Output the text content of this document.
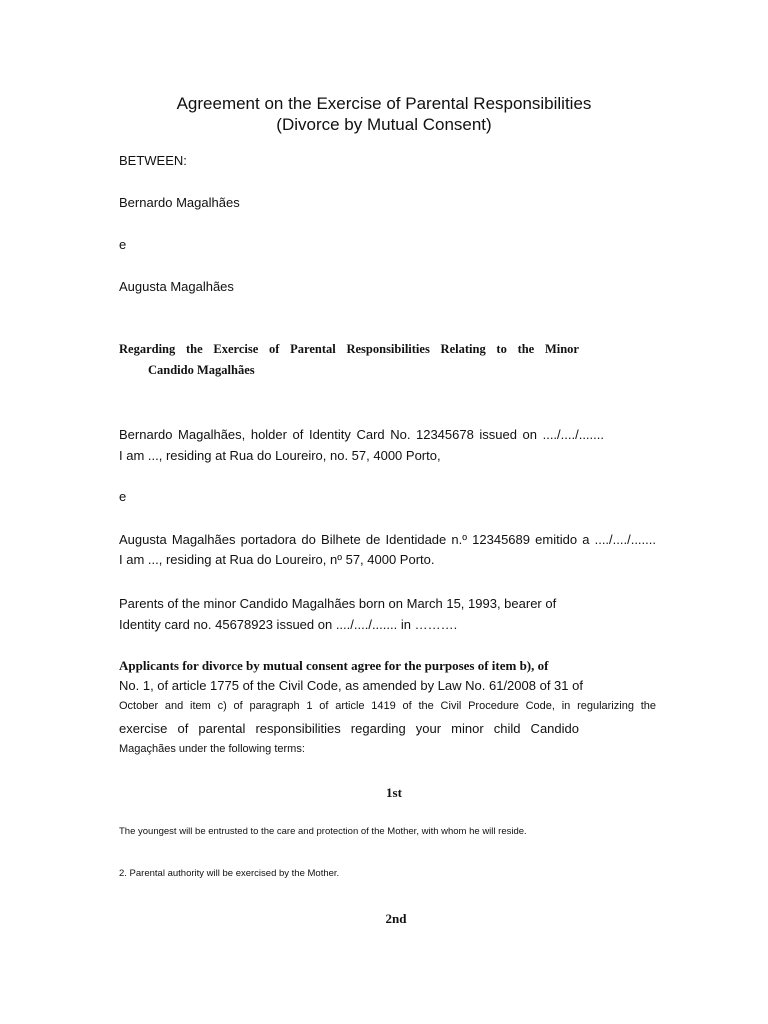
Agreement on the Exercise of Parental Responsibilities
(Divorce by Mutual Consent)
BETWEEN:
Bernardo Magalhães
e
Augusta Magalhães
Regarding the Exercise of Parental Responsibilities Relating to the Minor
Candido Magalhães
Bernardo Magalhães, holder of Identity Card No. 12345678 issued on ..../..../.......
I am ..., residing at Rua do Loureiro, no. 57, 4000 Porto,
e
Augusta Magalhães portadora do Bilhete de Identidade n.º 12345689 emitido a ..../..../.......
I am ..., residing at Rua do Loureiro, nº 57, 4000 Porto.
Parents of the minor Candido Magalhães born on March 15, 1993, bearer of
Identity card no. 45678923 issued on ..../..../....... in ……….
Applicants for divorce by mutual consent agree for the purposes of item b), of
No. 1, of article 1775 of the Civil Code, as amended by Law No. 61/2008 of 31 of
October and item c) of paragraph 1 of article 1419 of the Civil Procedure Code, in regularizing the
exercise of parental responsibilities regarding your minor child Candido
Magaçhães under the following terms:
1st
The youngest will be entrusted to the care and protection of the Mother, with whom he will reside.
2. Parental authority will be exercised by the Mother.
2nd
